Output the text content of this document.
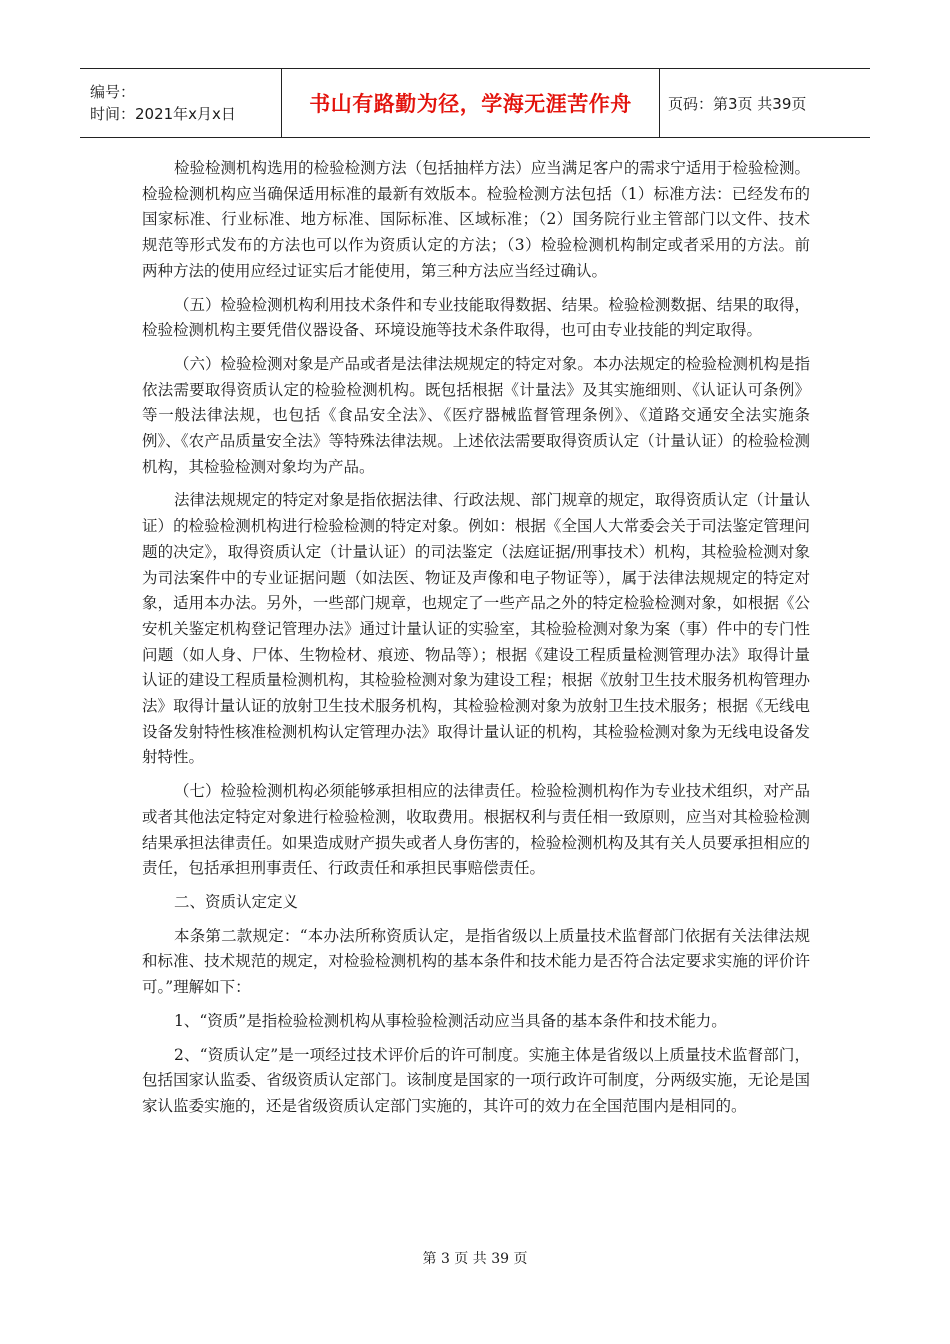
编号：
时间：2021年x月x日	书山有路勤为径，学海无涯苦作舟 页码：第3页 共39页

检验检测机构选用的检验检测方法（包括抽样方法）应当满足客户的需求宁适用于检验检测。检验检测机构应当确保适用标准的最新有效版本。检验检测方法包括（1）标准方法：已经发布的国家标准、行业标准、地方标准、国际标准、区域标准；（2）国务院行业主管部门以文件、技术规范等形式发布的方法也可以作为资质认定的方法；（3）检验检测机构制定或者采用的方法。前两种方法的使用应经过证实后才能使用，第三种方法应当经过确认。

（五）检验检测机构利用技术条件和专业技能取得数据、结果。检验检测数据、结果的取得，检验检测机构主要凭借仪器设备、环境设施等技术条件取得，也可由专业技能的判定取得。

（六）检验检测对象是产品或者是法律法规规定的特定对象。本办法规定的检验检测机构是指依法需要取得资质认定的检验检测机构。既包括根据《计量法》及其实施细则、《认证认可条例》等一般法律法规，也包括《食品安全法》、《医疗器械监督管理条例》、《道路交通安全法实施条例》、《农产品质量安全法》等特殊法律法规。上述依法需要取得资质认定（计量认证）的检验检测机构，其检验检测对象均为产品。

法律法规规定的特定对象是指依据法律、行政法规、部门规章的规定，取得资质认定（计量认证）的检验检测机构进行检验检测的特定对象。例如：根据《全国人大常委会关于司法鉴定管理问题的决定》，取得资质认定（计量认证）的司法鉴定（法庭证据/刑事技术）机构，其检验检测对象为司法案件中的专业证据问题（如法医、物证及声像和电子物证等），属于法律法规规定的特定对象，适用本办法。另外，一些部门规章，也规定了一些产品之外的特定检验检测对象，如根据《公安机关鉴定机构登记管理办法》通过计量认证的实验室，其检验检测对象为案（事）件中的专门性问题（如人身、尸体、生物检材、痕迹、物品等）；根据《建设工程质量检测管理办法》取得计量认证的建设工程质量检测机构，其检验检测对象为建设工程；根据《放射卫生技术服务机构管理办法》取得计量认证的放射卫生技术服务机构，其检验检测对象为放射卫生技术服务；根据《无线电设备发射特性核准检测机构认定管理办法》取得计量认证的机构，其检验检测对象为无线电设备发射特性。

（七）检验检测机构必须能够承担相应的法律责任。检验检测机构作为专业技术组织，对产品或者其他法定特定对象进行检验检测，收取费用。根据权利与责任相一致原则，应当对其检验检测结果承担法律责任。如果造成财产损失或者人身伤害的，检验检测机构及其有关人员要承担相应的责任，包括承担刑事责任、行政责任和承担民事赔偿责任。

二、资质认定定义

本条第二款规定：“本办法所称资质认定，是指省级以上质量技术监督部门依据有关法律法规和标准、技术规范的规定，对检验检测机构的基本条件和技术能力是否符合法定要求实施的评价许可。”理解如下：

1、“资质”是指检验检测机构从事检验检测活动应当具备的基本条件和技术能力。

2、“资质认定”是一项经过技术评价后的许可制度。实施主体是省级以上质量技术监督部门，包括国家认监委、省级资质认定部门。该制度是国家的一项行政许可制度，分两级实施，无论是国家认监委实施的，还是省级资质认定部门实施的，其许可的效力在全国范围内是相同的。

第 3 页 共 39 页
